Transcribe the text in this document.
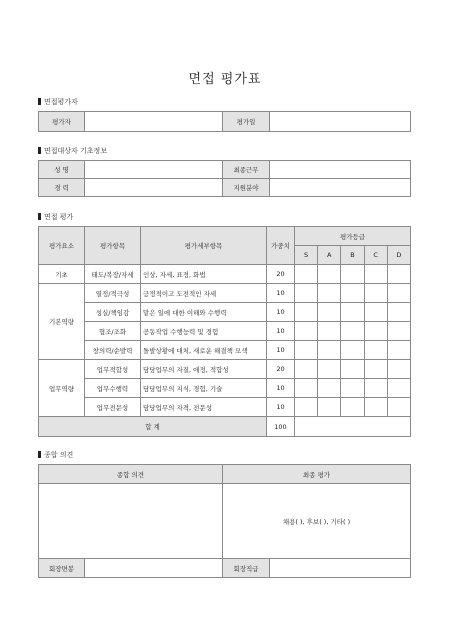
면접 평가표
면접평가자
평가자		평가일	
면접대상자 기초정보
성 명		최종근무	
경 력		지원분야	
면접 평가
평가요소	평가항목	평가세부항목	가중치	평가등급				
				S	A	B	C	D
기초	태도/복장/자세	인상, 자세, 표정, 화법	20					
기본역량	열정/적극성	긍정적이고 도전적인 자세	10					
	성실/책임감	맡은 일에 대한 이해와 수행력	10					
	협조/조화	공동작업 수행능력 및 경험	10					
	창의력/순발력	돌발상황에 대처, 새로운 해결책 모색	10					
업무역량	업무적합성	담당업무의 자질, 애정, 적합성	20					
	업무수행력	담당업무의 지식, 경험, 기술	10					
	업무전문성	담당업무의 자격, 전문성	10					
합 계			100					
종합 의견
종합 의견		최종 평가	
		채용( ), 후보( ), 기타( )	
회장면봉		회장직급	
